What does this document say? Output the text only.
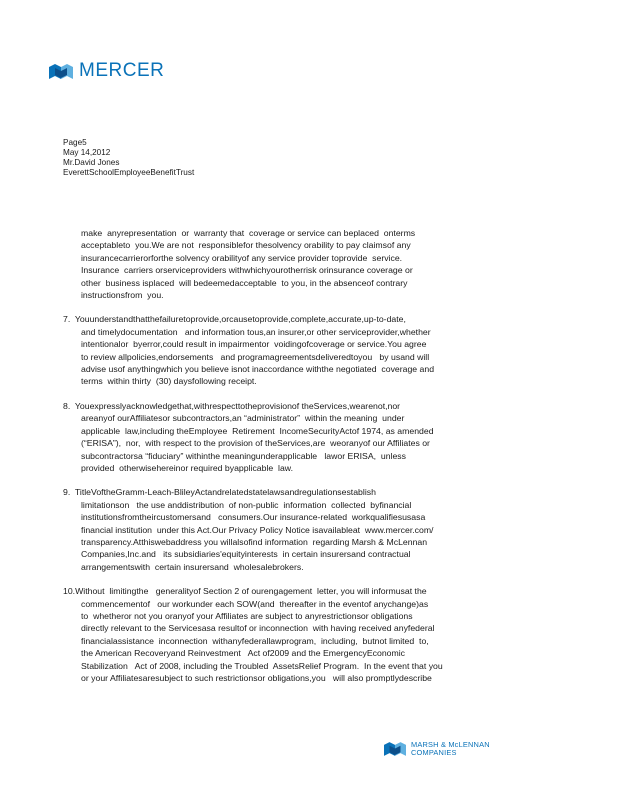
MERCER
Page5
May 14,2012
Mr.David Jones
EverettSchoolEmployeeBenefitTrust
make  anyrepresentation  or  warranty that  coverage or service can beplaced  onterms
acceptableto  you.We are not  responsiblefor thesolvency orability to pay claimsof any
insurancecarrierorforthe solvency orabilityof any service provider toprovide  service.
Insurance  carriers orserviceproviders withwhichyourotherrisk orinsurance coverage or
other  business isplaced  will bedeemedacceptable  to you, in the absenceof contrary
instructionsfrom  you.
7.  Youunderstandthatthefailuretoprovide,orcausetoprovide,complete,accurate,up-to-date,
and timelydocumentation   and information tous,an insurer,or other serviceprovider,whether
intentionalor  byerror,could result in impairmentor  voidingofcoverage or service.You agree
to review allpolicies,endorsements   and programagreementsdeliveredtoyou   by usand will
advise usof anythingwhich you believe isnot inaccordance withthe negotiated  coverage and
terms  within thirty  (30) daysfollowing receipt.
8.  Youexpresslyacknowledgethat,withrespecttotheprovisionof theServices,wearenot,nor
areanyof ourAffiliatesor subcontractors,an “administrator”  within the meaning  under
applicable  law,including theEmployee  Retirement  IncomeSecurityActof 1974, as amended
(“ERISA”),  nor,  with respect to the provision of theServices,are  weoranyof our Affiliates or
subcontractorsa “fiduciary” withinthe meaningunderapplicable   lawor ERISA,  unless
provided  otherwisehereinor required byapplicable  law.
9.  TitleVoftheGramm-Leach-BlileyActandrelatedstatelawsandregulationsestablish
limitationson   the use anddistribution  of non-public  information  collected  byfinancial
institutionsfromtheircustomersand   consumers.Our insurance-related  workqualifiesusasa
financial institution  under this Act.Our Privacy Policy Notice isavailableat  www.mercer.com/
transparency.Atthiswebaddress you willalsofind information  regarding Marsh & McLennan
Companies,Inc.and   its subsidiaries'equityinterests  in certain insurersand contractual
arrangementswith  certain insurersand  wholesalebrokers.
10.Without  limitingthe   generalityof Section 2 of ourengagement  letter, you will informusat the
commencementof   our workunder each SOW(and  thereafter in the eventof anychange)as
to  whetheror not you oranyof your Affiliates are subject to anyrestrictionsor obligations
directly relevant to the Servicesasa resultof or inconnection  with having received anyfederal
financialassistance  inconnection  withanyfederallawprogram,  including,  butnot limited  to,
the American Recoveryand Reinvestment   Act of2009 and the EmergencyEconomic
Stabilization   Act of 2008, including the Troubled  AssetsRelief Program.  In the event that you
or your Affiliatesaresubject to such restrictionsor obligations,you   will also promptlydescribe
MARSH & McLENNAN
COMPANIES
